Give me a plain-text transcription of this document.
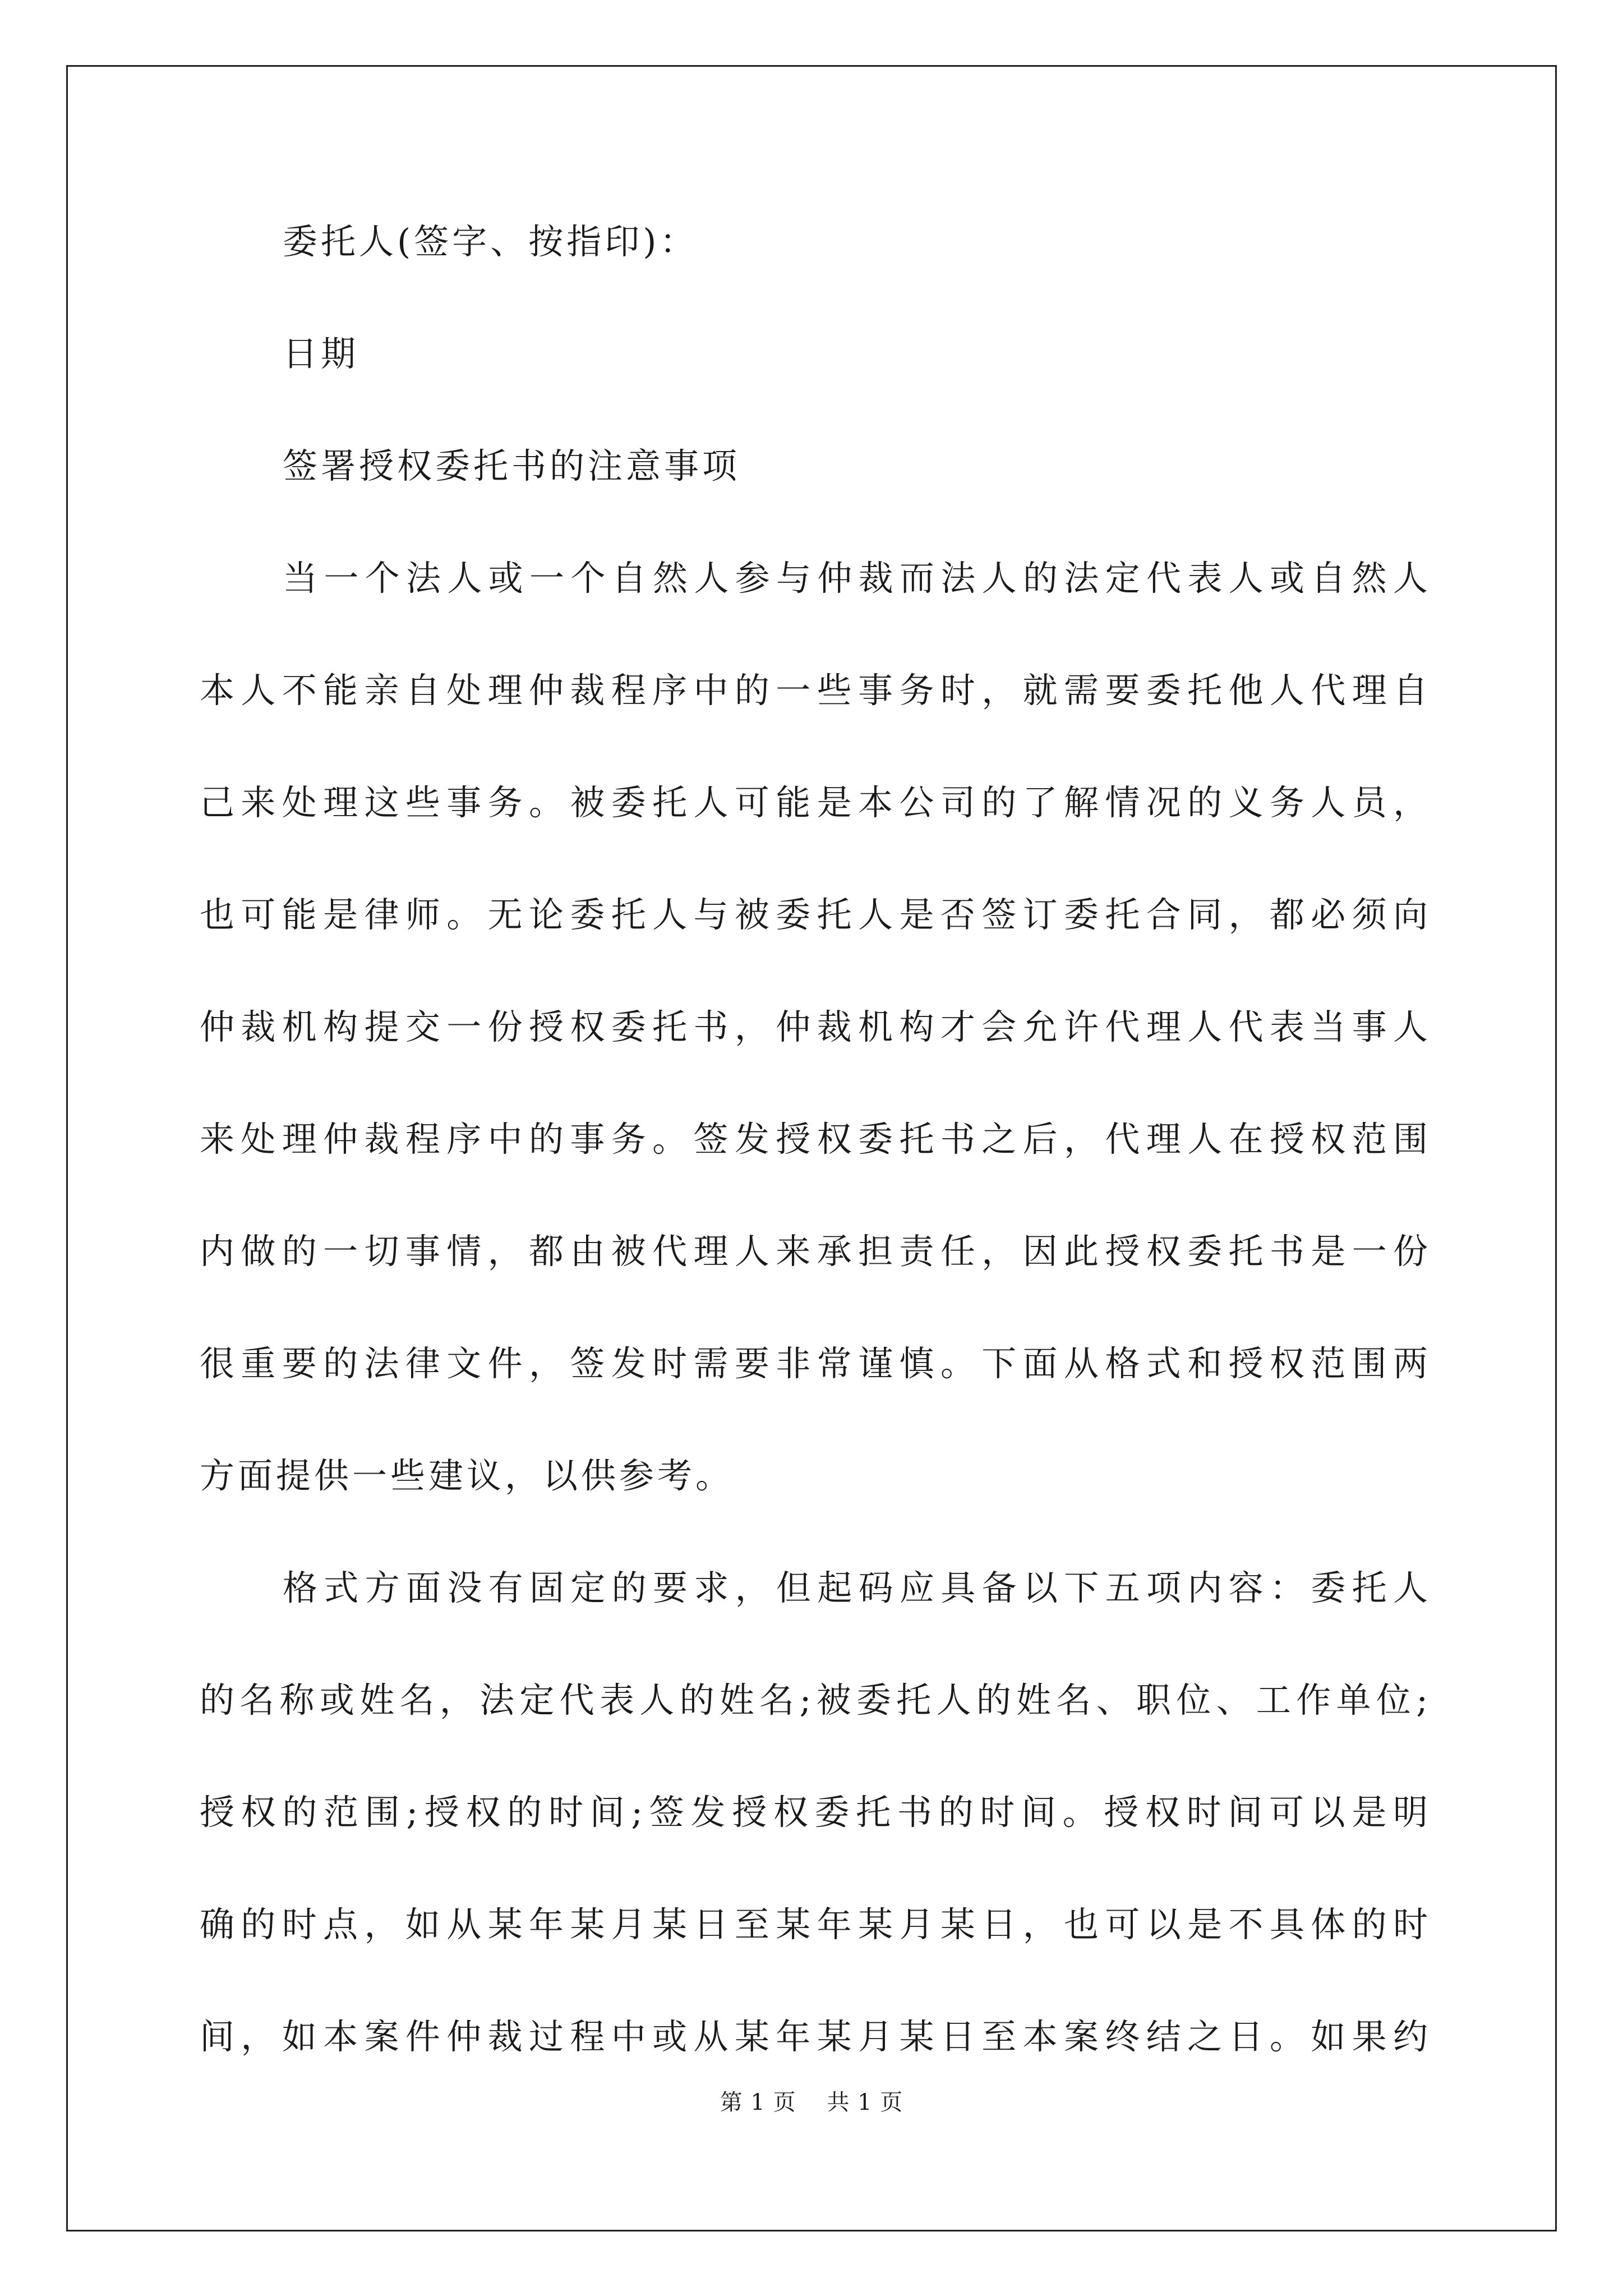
委托人(签字、按指印)：

日期

签署授权委托书的注意事项

当一个法人或一个自然人参与仲裁而法人的法定代表人或自然人

本人不能亲自处理仲裁程序中的一些事务时，就需要委托他人代理自

己来处理这些事务。被委托人可能是本公司的了解情况的义务人员，

也可能是律师。无论委托人与被委托人是否签订委托合同，都必须向

仲裁机构提交一份授权委托书，仲裁机构才会允许代理人代表当事人

来处理仲裁程序中的事务。签发授权委托书之后，代理人在授权范围

内做的一切事情，都由被代理人来承担责任，因此授权委托书是一份

很重要的法律文件，签发时需要非常谨慎。下面从格式和授权范围两

方面提供一些建议，以供参考。

格式方面没有固定的要求，但起码应具备以下五项内容：委托人

的名称或姓名，法定代表人的姓名;被委托人的姓名、职位、工作单位;

授权的范围;授权的时间;签发授权委托书的时间。授权时间可以是明

确的时点，如从某年某月某日至某年某月某日，也可以是不具体的时

间，如本案件仲裁过程中或从某年某月某日至本案终结之日。如果约

第 1 页    共 1 页
